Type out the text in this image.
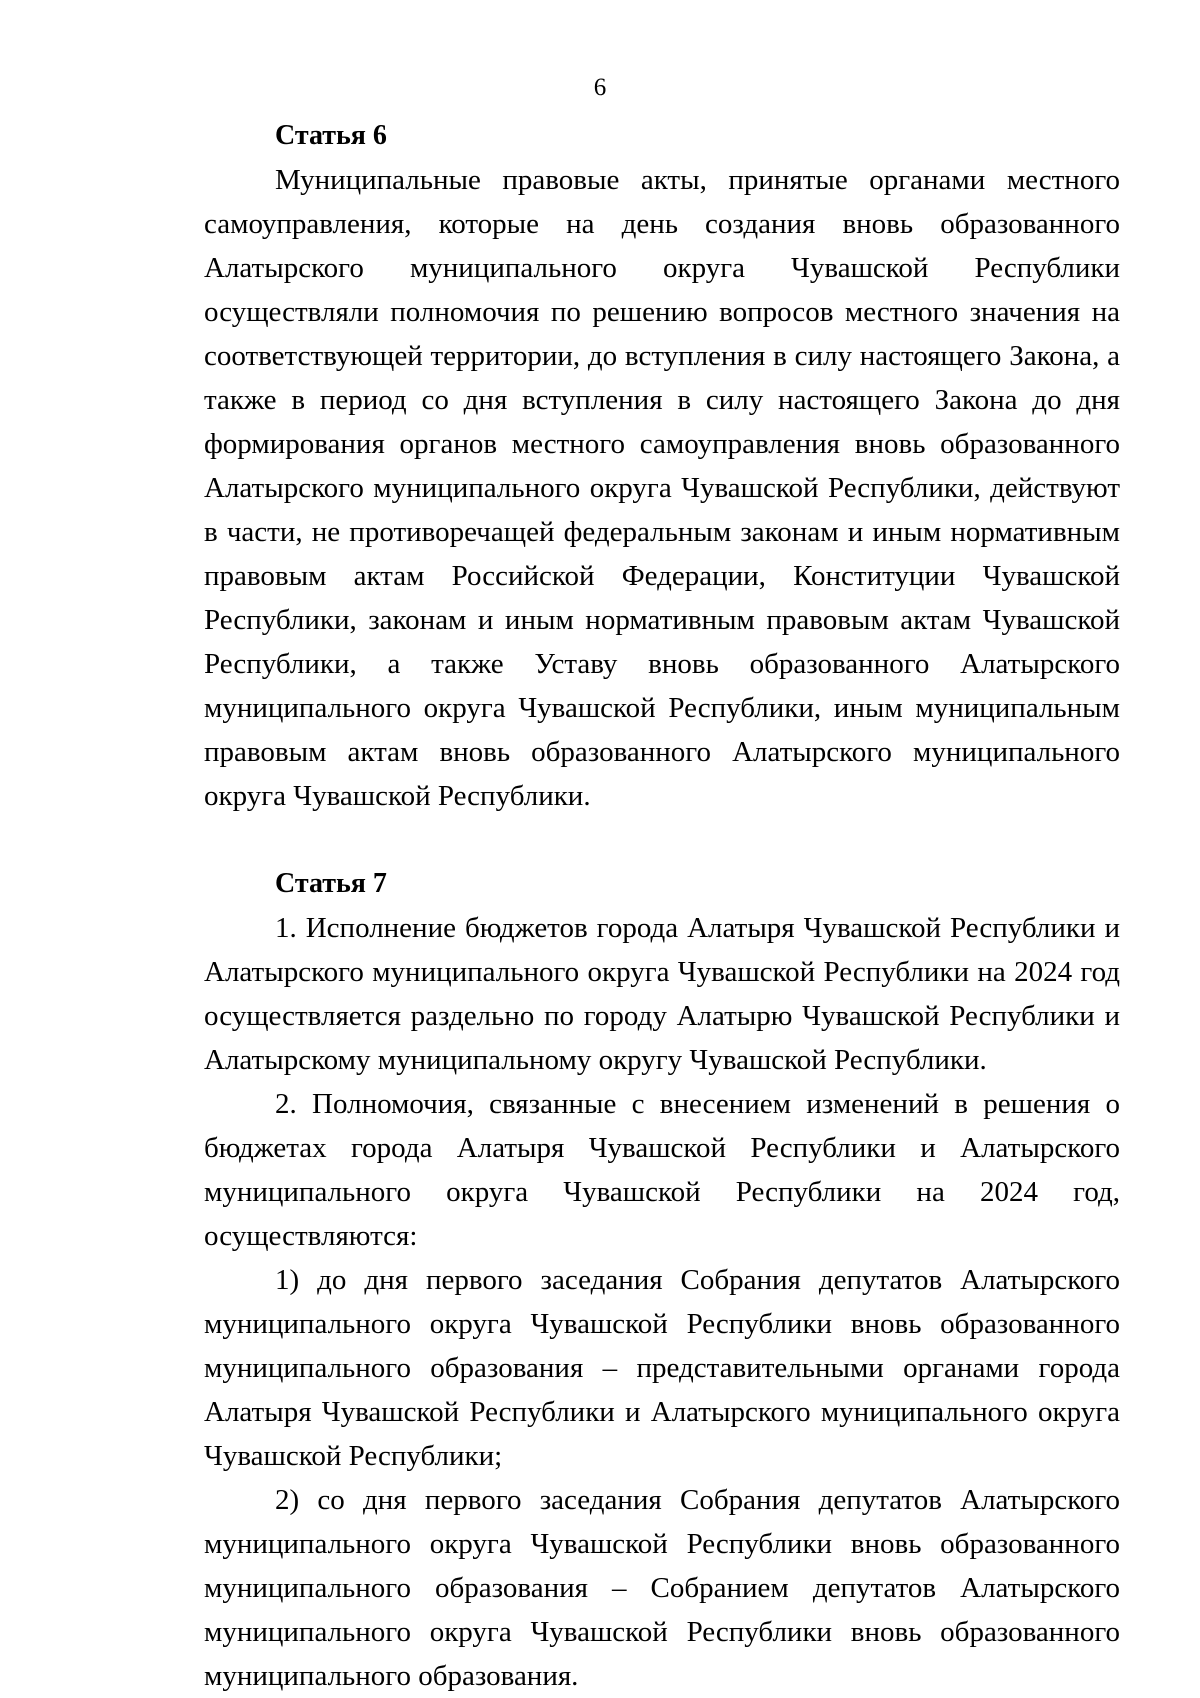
6
Статья 6

Муниципальные правовые акты, принятые органами местного самоуправления, которые на день создания вновь образованного Алатырского муниципального округа Чувашской Республики осуществляли полномочия по решению вопросов местного значения на соответствующей территории, до вступления в силу настоящего Закона, а также в период со дня вступления в силу настоящего Закона до дня формирования органов местного самоуправления вновь образованного Алатырского муниципального округа Чувашской Республики, действуют в части, не противоречащей федеральным законам и иным нормативным правовым актам Российской Федерации, Конституции Чувашской Республики, законам и иным нормативным правовым актам Чувашской Республики, а также Уставу вновь образованного Алатырского муниципального округа Чувашской Республики, иным муниципальным правовым актам вновь образованного Алатырского муниципального округа Чувашской Республики.

Статья 7

1. Исполнение бюджетов города Алатыря Чувашской Республики и Алатырского муниципального округа Чувашской Республики на 2024 год осуществляется раздельно по городу Алатырю Чувашской Республики и Алатырскому муниципальному округу Чувашской Республики.

2. Полномочия, связанные с внесением изменений в решения о бюджетах города Алатыря Чувашской Республики и Алатырского муниципального округа Чувашской Республики на 2024 год, осуществляются:

1) до дня первого заседания Собрания депутатов Алатырского муниципального округа Чувашской Республики вновь образованного муниципального образования – представительными органами города Алатыря Чувашской Республики и Алатырского муниципального округа Чувашской Республики;

2) со дня первого заседания Собрания депутатов Алатырского муниципального округа Чувашской Республики вновь образованного муниципального образования – Собранием депутатов Алатырского муниципального округа Чувашской Республики вновь образованного муниципального образования.
